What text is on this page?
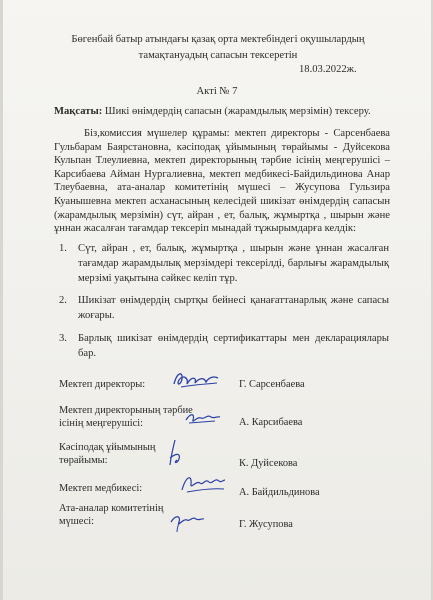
Бөгенбай батыр атындағы қазақ орта мектебіндегі оқушылардың тамақтануадың сапасын тексеретін
18.03.2022ж.
Акті № 7
Мақсаты: Шикі өнімдердің сапасын (жарамдылық мерзімін) тексеру.
Біз,комиссия мүшелер құрамы: мектеп директоры - Сарсенбаева Гульбарам Баярстановна, кәсіподақ ұйымының төрайымы - Дуйсекова Кульпан Тлеулиевна, мектеп директорының тәрбие ісінің меңгерушісі – Карсибаева Айман Нургалиевна, мектеп медбикесі-Байдильдинова Анар Тлеубаевна, ата-аналар комитетінің мүшесі – Жусупова Гульзира Куанышевна мектеп асханасының келесідей шикізат өнімдердің сапасын (жарамдылық мерзімін) сүт, айран , ет, балық, жұмыртқа , шырын және ұннан жасалған тағамдар тексеріп мынадай тұжырымдарға келдік:
1. Сүт, айран , ет, балық, жұмыртқа , шырын және ұннан жасалған тағамдар жарамдылық мерзімдері тексерілді, барлығы жарамдылық мерзімі уақытына сәйкес келіп тұр.
2. Шикізат өнімдердің сыртқы бейнесі қанағаттанарлық және сапасы жоғары.
3. Барлық шикізат өнімдердің сертификаттары мен декларациялары бар.
Мектеп директоры:	Г. Сарсенбаева
Мектеп директорының тәрбие ісінің меңгерушісі:	А. Карсибаева
Кәсіподақ ұйымының төрайымы:	К. Дуйсекова
Мектеп медбикесі:	А. Байдильдинова
Ата-аналар комитетінің мүшесі:	Г. Жусупова
